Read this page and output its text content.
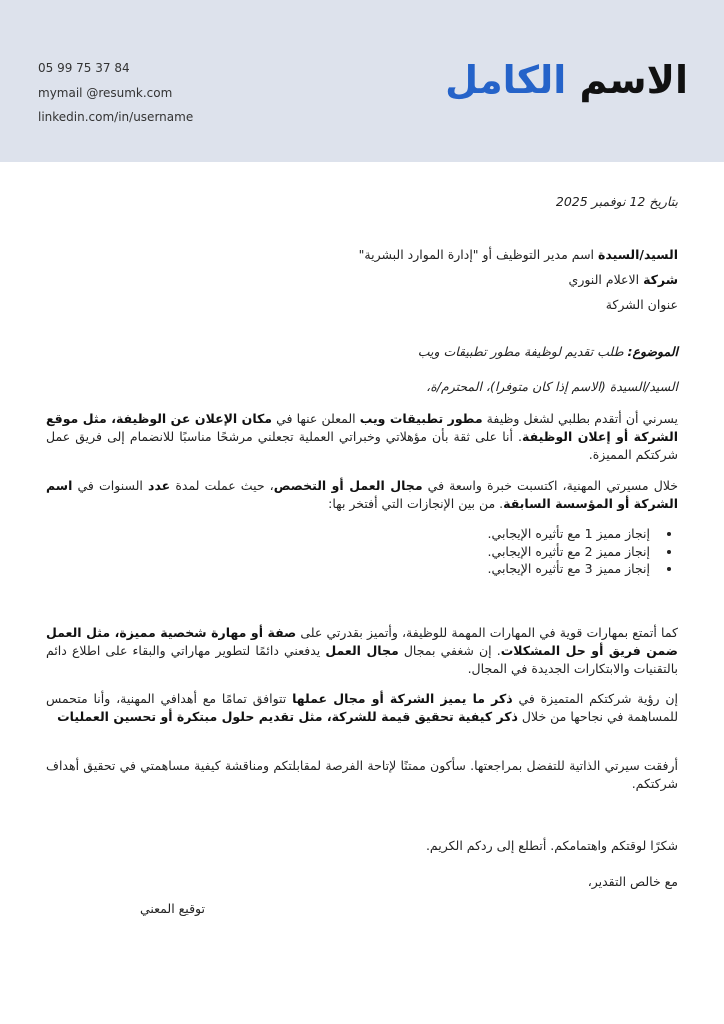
05 99 75 37 84
mymail @resumk.com
linkedin.com/in/username
الاسم الكامل
بتاريخ 12 نوفمبر 2025
السيد/السيدة اسم مدير التوظيف أو "إدارة الموارد البشرية"
شركة الاعلام النوري
عنوان الشركة
الموضوع: طلب تقديم لوظيفة مطور تطبيقات ويب
السيد/السيدة (الاسم إذا كان متوفرا)، المحترم/ة،
يسرني أن أتقدم بطلبي لشغل وظيفة مطور تطبيقات ويب المعلن عنها في مكان الإعلان عن الوظيفة، مثل موقع الشركة أو إعلان الوظيفة. أنا على ثقة بأن مؤهلاتي وخبراتي العملية تجعلني مرشحًا مناسبًا للانضمام إلى فريق عمل شركتكم المميزة.
خلال مسيرتي المهنية، اكتسبت خبرة واسعة في مجال العمل أو التخصص، حيث عملت لمدة عدد السنوات في اسم الشركة أو المؤسسة السابقة. من بين الإنجازات التي أفتخر بها:
• إنجاز مميز 1 مع تأثيره الإيجابي.
• إنجاز مميز 2 مع تأثيره الإيجابي.
• إنجاز مميز 3 مع تأثيره الإيجابي.
كما أتمتع بمهارات قوية في المهارات المهمة للوظيفة، وأتميز بقدرتي على صفة أو مهارة شخصية مميزة، مثل العمل ضمن فريق أو حل المشكلات. إن شغفي بمجال مجال العمل يدفعني دائمًا لتطوير مهاراتي والبقاء على اطلاع دائم بالتقنيات والابتكارات الجديدة في المجال.
إن رؤية شركتكم المتميزة في ذكر ما يميز الشركة أو مجال عملها تتوافق تمامًا مع أهدافي المهنية، وأنا متحمس للمساهمة في نجاحها من خلال ذكر كيفية تحقيق قيمة للشركة، مثل تقديم حلول مبتكرة أو تحسين العمليات
أرفقت سيرتي الذاتية للتفضل بمراجعتها. سأكون ممتنًا لإتاحة الفرصة لمقابلتكم ومناقشة كيفية مساهمتي في تحقيق أهداف شركتكم.
شكرًا لوقتكم واهتمامكم. أتطلع إلى ردكم الكريم.
مع خالص التقدير،
توقيع المعني
